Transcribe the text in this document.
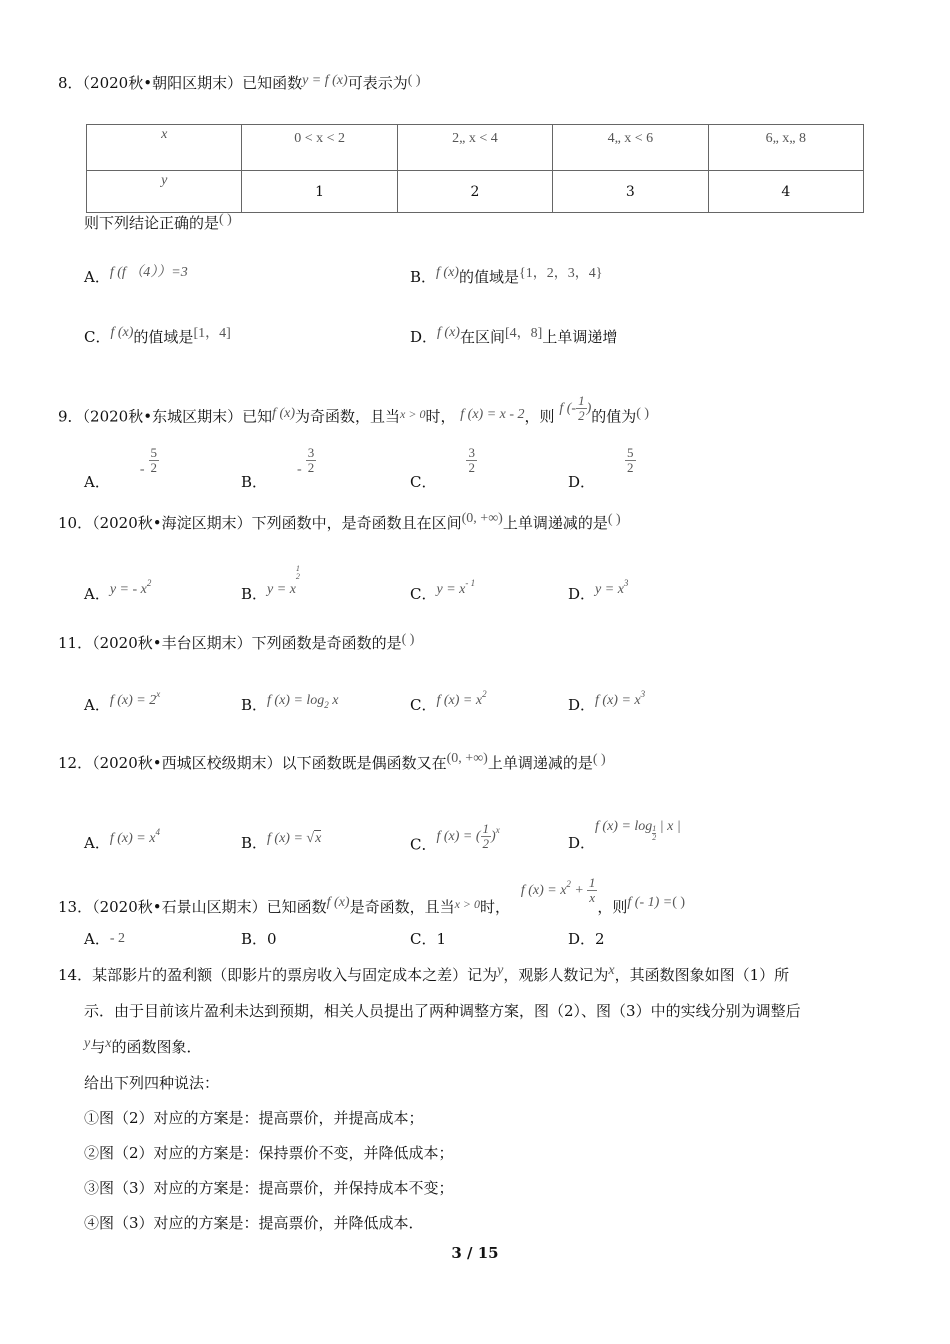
8．（2020秋•朝阳区期末）已知函数y = f (x)可表示为( )
x	0 < x < 2	2„ x < 4	4„ x < 6	6„ x„ 8
y	1	2	3	4
则下列结论正确的是( )
A．f (f （4））=3	B．f (x)的值域是{1，2，3，4}
C．f (x)的值域是[1，4]	D．f (x)在区间[4，8]上单调递增
9．（2020秋•东城区期末）已知f (x)为奇函数，且当$^{x > 0}$时， f (x) = x - 2，则 f (- $\frac{1}{2}$ )的值为( )
A．- $\frac{5}{2}$
B．- $\frac{3}{2}$
C．
$\frac{3}{2}$
D．
$\frac{5}{2}$
10．（2020秋•海淀区期末）下列函数中，是奇函数且在区间(0, +∞)上单调递减的是( )
A．y = - $x^2$
B．y = x
1
2
C．$y = x^{- 1}$
D．$y = x^3$
11．（2020秋•丰台区期末）下列函数是奇函数的是( )
A．f $(x) = 2^x$
B．f $(x) = \log_2 x$	C．f $(x) = x^2$
D．f $(x) = x^3$
12．（2020秋•西城区校级期末）以下函数既是偶函数又在(0, +∞)上单调递减的是( )
A．f $(x) = x^4$
B．f (x) = √x	C．f (x) = ( $\frac{1}{2} )^x$
D．f $(x) = \log \frac{1}{2}$ | x |
13．（2020秋•石景山区期末）已知函数f (x)是奇函数，且当$_{x > 0}$时， f $(x) = x^2 + \frac{1}{x}$
，则f (- 1) =( )
A．- 2	B．0	C．1	D．2
14．某部影片的盈利额（即影片的票房收入与固定成本之差）记为y，观影人数记为x，其函数图象如图（1）所
示．由于目前该片盈利未达到预期，相关人员提出了两种调整方案，图（2）、图（3）中的实线分别为调整后
y与x的函数图象．
给出下列四种说法：
①图（2）对应的方案是：提高票价，并提高成本；
②图（2）对应的方案是：保持票价不变，并降低成本；
③图（3）对应的方案是：提高票价，并保持成本不变；
④图（3）对应的方案是：提高票价，并降低成本．
3 / 15
